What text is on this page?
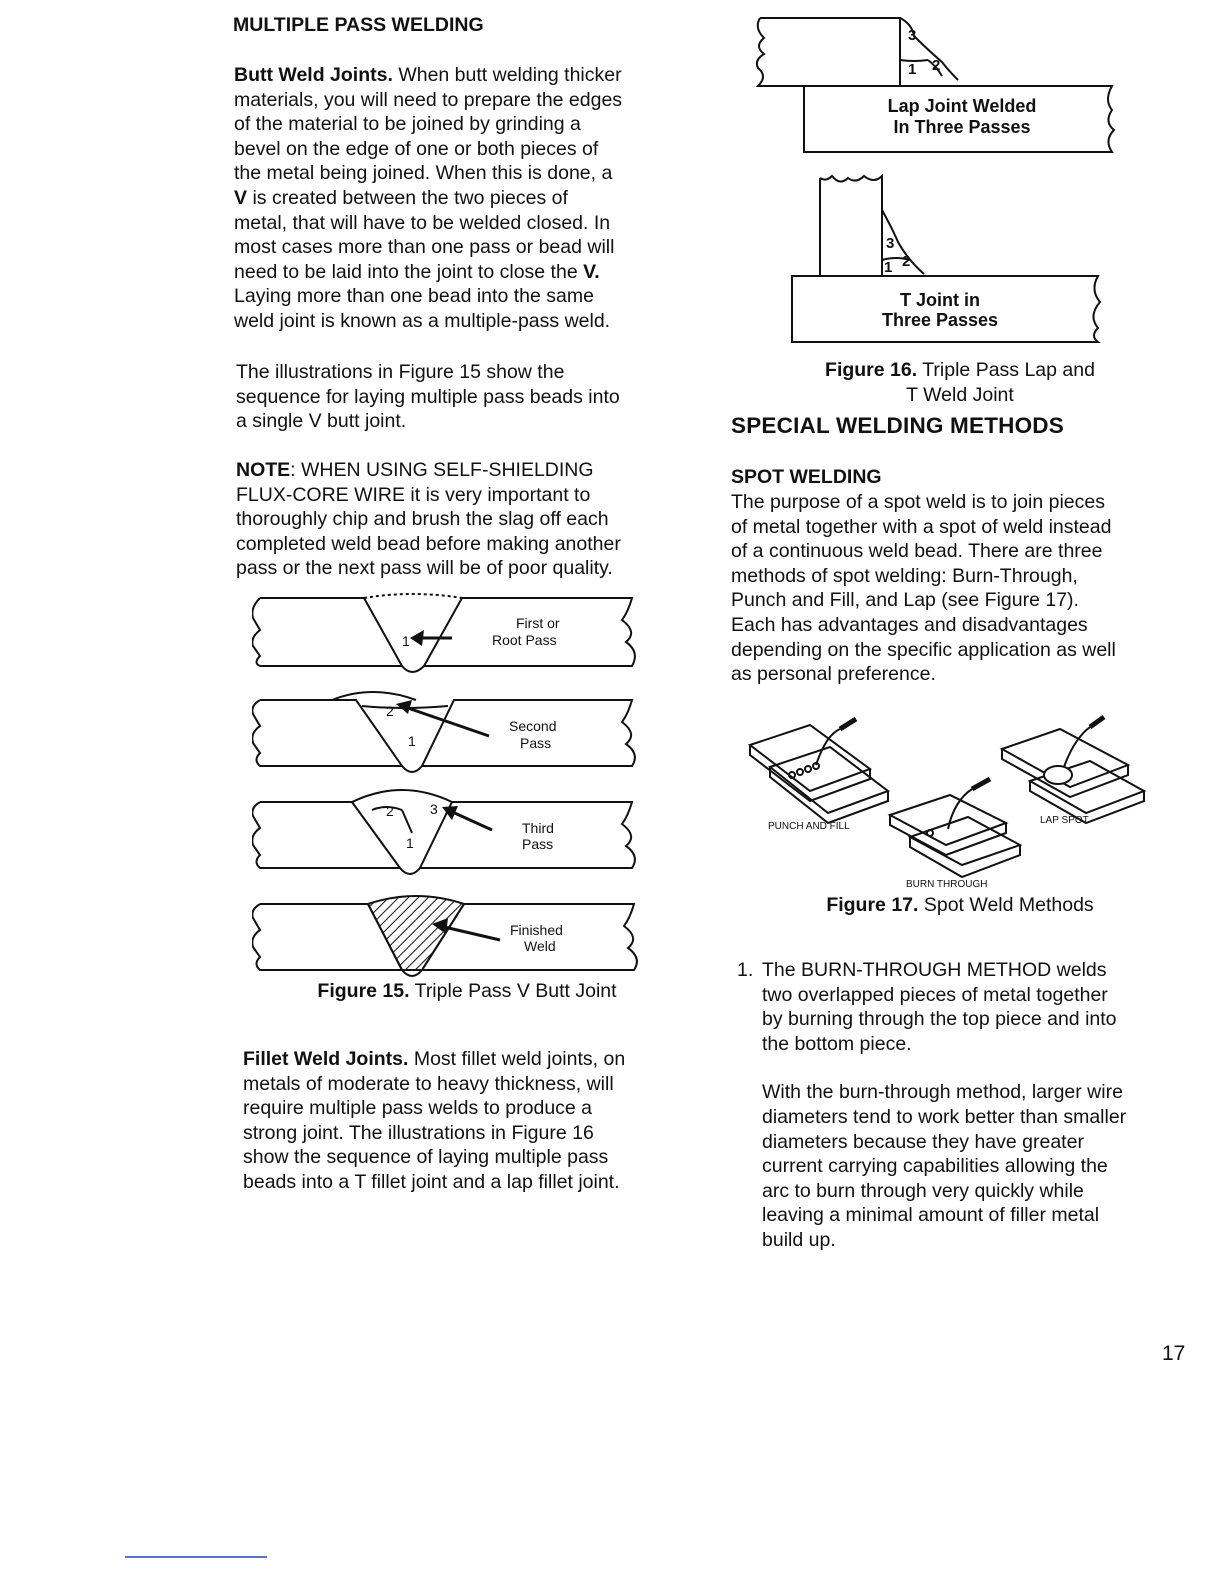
MULTIPLE PASS WELDING

Butt Weld Joints. When butt welding thicker

materials, you will need to prepare the edges

of the material to be joined by grinding a

bevel on the edge of one or both pieces of

the metal being joined. When this is done, a

V is created between the two pieces of

metal, that will have to be welded closed. In

most cases more than one pass or bead will

need to be laid into the joint to close the V.

Laying more than one bead into the same

weld joint is known as a multiple-pass weld.

The illustrations in Figure 15 show the

sequence for laying multiple pass beads into

a single V butt joint.

NOTE: WHEN USING SELF-SHIELDING

FLUX-CORE WIRE it is very important to

thoroughly chip and brush the slag off each

completed weld bead before making another

pass or the next pass will be of poor quality.

1
2
1
2	3
1
First or
Root Pass
Second
Pass
Third
Pass
Finished
Weld
Figure 15. Triple Pass V Butt Joint

Fillet Weld Joints. Most fillet weld joints, on

metals of moderate to heavy thickness, will

require multiple pass welds to produce a

strong joint. The illustrations in Figure 16

show the sequence of laying multiple pass

beads into a T fillet joint and a lap fillet joint.

3
1 2
3
1 2
Lap Joint Welded
In Three Passes
T Joint in
Three Passes
Figure 16. Triple Pass Lap and
T Weld Joint
SPECIAL WELDING METHODS
SPOT WELDING

The purpose of a spot weld is to join pieces

of metal together with a spot of weld instead

of a continuous weld bead. There are three

methods of spot welding: Burn-Through,

Punch and Fill, and Lap (see Figure 17).

Each has advantages and disadvantages

depending on the specific application as well

as personal preference.

PUNCH AND FILL
LAP SPOT
BURN THROUGH
Figure 17. Spot Weld Methods

1. The BURN-THROUGH METHOD welds

two overlapped pieces of metal together

by burning through the top piece and into

the bottom piece.

With the burn-through method, larger wire

diameters tend to work better than smaller

diameters because they have greater

current carrying capabilities allowing the

arc to burn through very quickly while

leaving a minimal amount of filler metal

build up.

17
